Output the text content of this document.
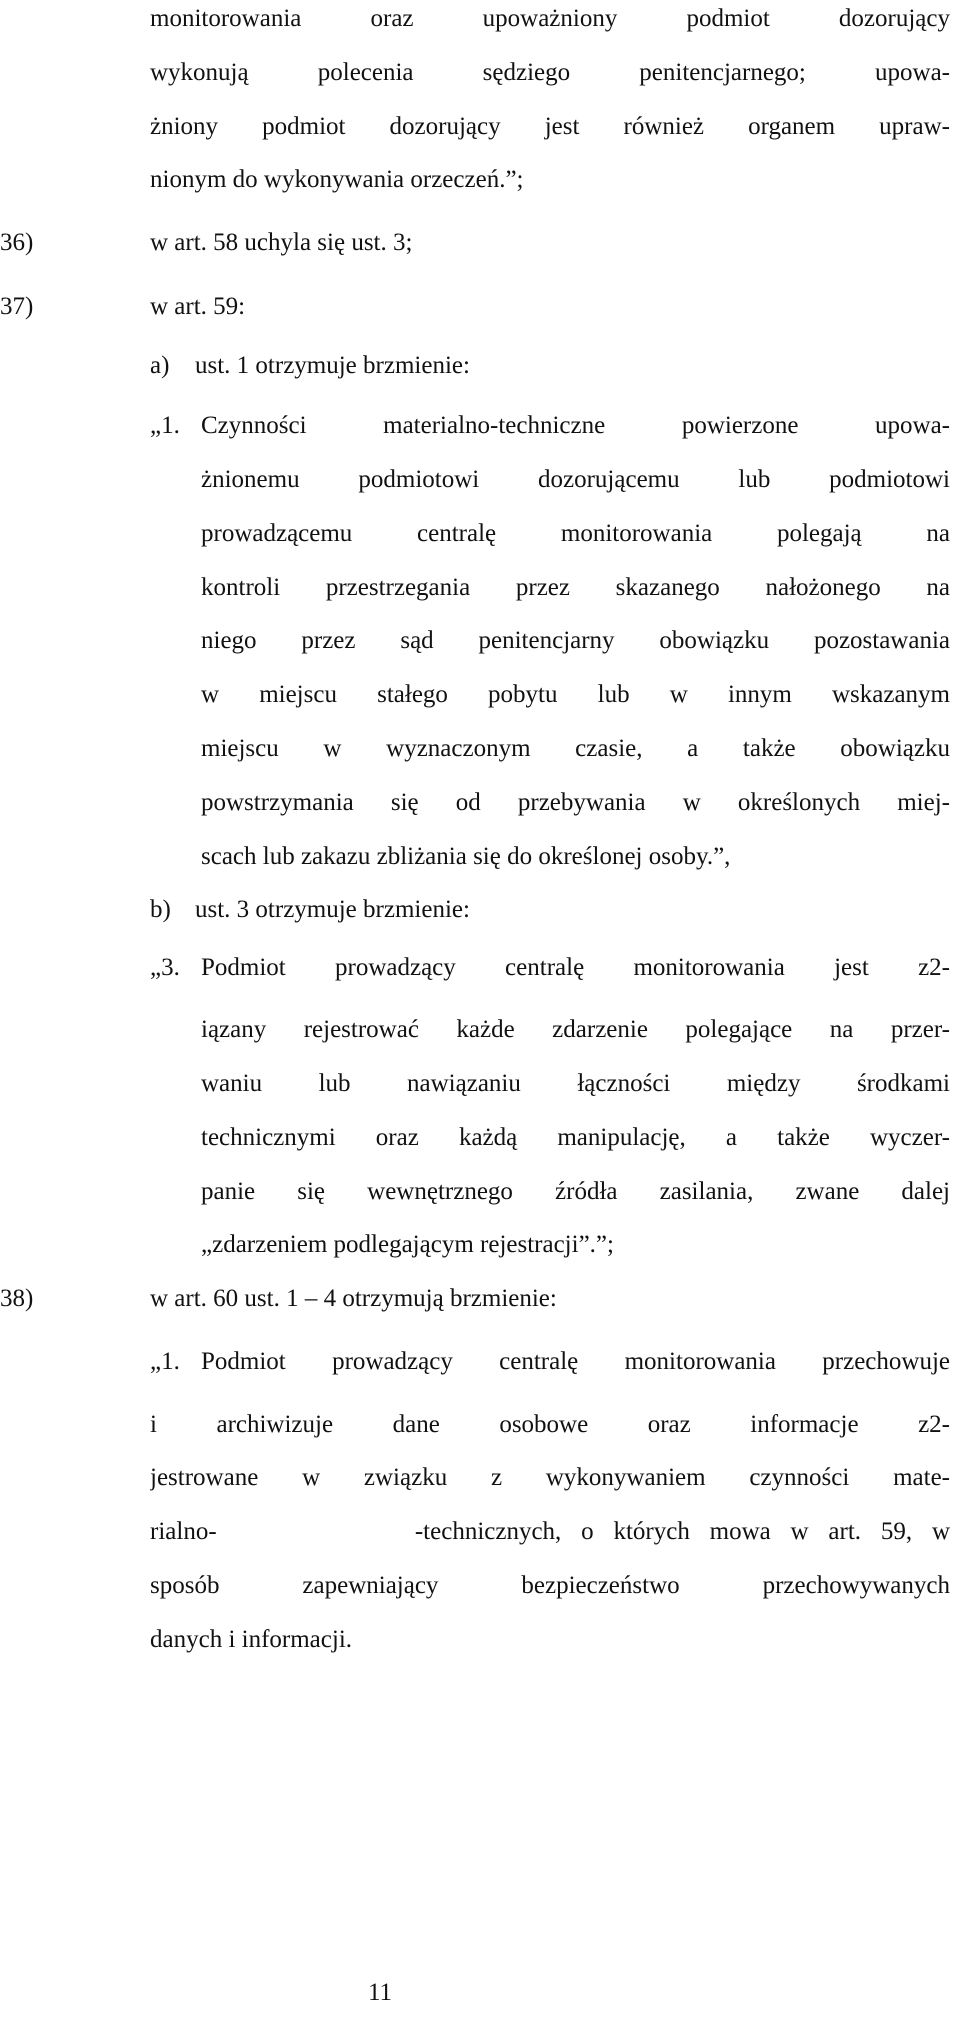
monitorowania oraz upoważniony podmiot dozorujący
wykonują polecenia sędziego penitencjarnego; upowa-
żniony podmiot dozorujący jest również organem upraw-
nionym do wykonywania orzeczeń.”;
36)	w art. 58 uchyla się ust. 3;
37)	w art. 59:
a) ust. 1 otrzymuje brzmienie:
„1. Czynności materialno-techniczne powierzone upowa-
żnionemu podmiotowi dozorującemu lub podmiotowi
prowadzącemu centralę monitorowania polegają na
kontroli przestrzegania przez skazanego nałożonego na
niego przez sąd penitencjarny obowiązku pozostawania
w miejscu stałego pobytu lub w innym wskazanym
miejscu w wyznaczonym czasie, a także obowiązku
powstrzymania się od przebywania w określonych miej-
scach lub zakazu zbliżania się do określonej osoby.”,
b) ust. 3 otrzymuje brzmienie:
„3. Podmiot prowadzący centralę monitorowania jest z2-
iązany rejestrować każde zdarzenie polegające na przer-
waniu lub nawiązaniu łączności między środkami
technicznymi oraz każdą manipulację, a także wyczer-
panie się wewnętrznego źródła zasilania, zwane dalej
„zdarzeniem podlegającym rejestracji”.”;
38)	w art. 60 ust. 1 – 4 otrzymują brzmienie:
„1. Podmiot prowadzący centralę monitorowania przechowuje
i archiwizuje dane osobowe oraz informacje z2-
jestrowane w związku z wykonywaniem czynności mate-
rialno-          -technicznych, o których mowa w art. 59, w
sposób zapewniający bezpieczeństwo przechowywanych
danych i informacji.
11
